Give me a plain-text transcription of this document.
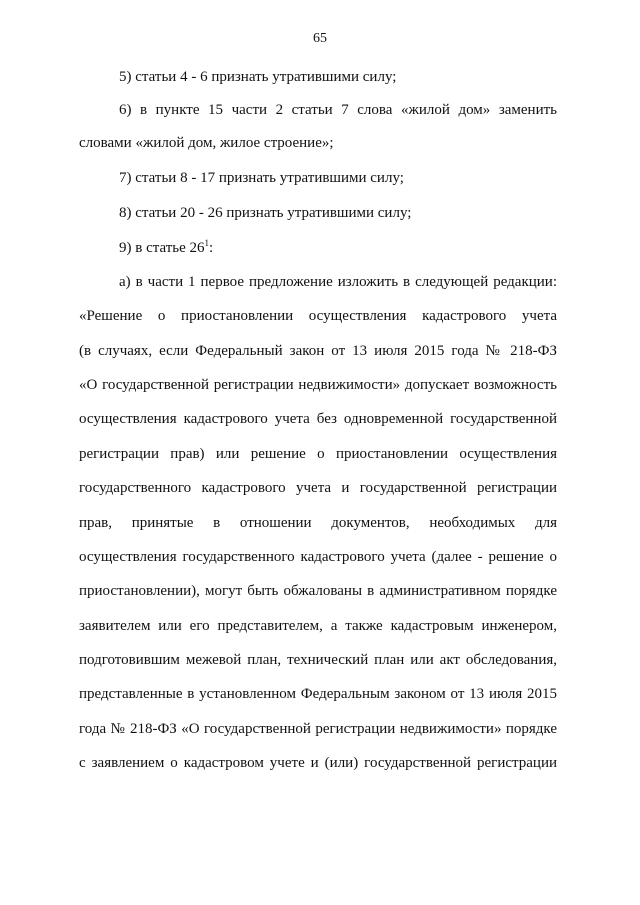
65
5) статьи 4 - 6 признать утратившими силу;
6) в пункте 15 части 2 статьи 7 слова «жилой дом» заменить
словами «жилой дом, жилое строение»;
7) статьи 8 - 17 признать утратившими силу;
8) статьи 20 - 26 признать утратившими силу;
9) в статье $26^1$:
а) в части 1 первое предложение изложить в следующей редакции:
«Решение о приостановлении осуществления кадастрового учета
(в случаях, если Федеральный закон от 13 июля 2015 года № 218-ФЗ
«О государственной регистрации недвижимости» допускает возможность
осуществления кадастрового учета без одновременной государственной
регистрации прав) или решение о приостановлении осуществления
государственного кадастрового учета и государственной регистрации
прав, принятые в отношении документов, необходимых для
осуществления государственного кадастрового учета (далее - решение о
приостановлении), могут быть обжалованы в административном порядке
заявителем или его представителем, а также кадастровым инженером,
подготовившим межевой план, технический план или акт обследования,
представленные в установленном Федеральным законом от 13 июля 2015
года № 218-ФЗ «О государственной регистрации недвижимости» порядке
с заявлением о кадастровом учете и (или) государственной регистрации
